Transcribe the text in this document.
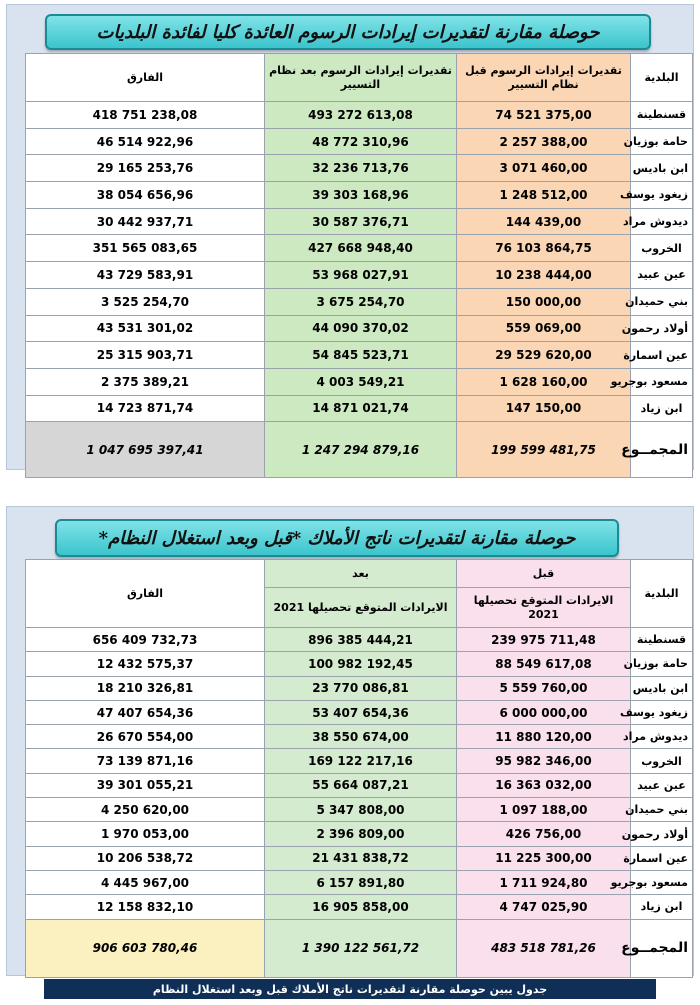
حوصلة مقارنة لتقديرات إيرادات الرسوم العائدة كليا لفائدة البلديات
البلدية	تقديرات إيرادات الرسوم قبل نظام التسيير	تقديرات إيرادات الرسوم بعد نظام التسيير	الفارق
قسنطينة	74 521 375,00	493 272 613,08	418 751 238,08
حامة بوزيان	2 257 388,00	48 772 310,96	46 514 922,96
ابن باديس	3 071 460,00	32 236 713,76	29 165 253,76
زيغود يوسف	1 248 512,00	39 303 168,96	38 054 656,96
ديدوش مراد	144 439,00	30 587 376,71	30 442 937,71
الخروب	76 103 864,75	427 668 948,40	351 565 083,65
عين عبيد	10 238 444,00	53 968 027,91	43 729 583,91
بني حميدان	150 000,00	3 675 254,70	3 525 254,70
أولاد رحمون	559 069,00	44 090 370,02	43 531 301,02
عين اسمارة	29 529 620,00	54 845 523,71	25 315 903,71
مسعود بوجريو	1 628 160,00	4 003 549,21	2 375 389,21
ابن زياد	147 150,00	14 871 021,74	14 723 871,74
المجمــوع	199 599 481,75	1 247 294 879,16	1 047 695 397,41
حوصلة مقارنة لتقديرات ناتج الأملاك *قبل وبعد استغلال النظام*
البلدية	قبل	بعد	الفارق
	الايرادات المتوقع تحصيلها 2021	الايرادات المتوقع تحصيلها 2021	
قسنطينة	239 975 711,48	896 385 444,21	656 409 732,73
حامة بوزيان	88 549 617,08	100 982 192,45	12 432 575,37
ابن باديس	5 559 760,00	23 770 086,81	18 210 326,81
زيغود يوسف	6 000 000,00	53 407 654,36	47 407 654,36
ديدوش مراد	11 880 120,00	38 550 674,00	26 670 554,00
الخروب	95 982 346,00	169 122 217,16	73 139 871,16
عين عبيد	16 363 032,00	55 664 087,21	39 301 055,21
بني حميدان	1 097 188,00	5 347 808,00	4 250 620,00
أولاد رحمون	426 756,00	2 396 809,00	1 970 053,00
عين اسمارة	11 225 300,00	21 431 838,72	10 206 538,72
مسعود بوجريو	1 711 924,80	6 157 891,80	4 445 967,00
ابن زياد	4 747 025,90	16 905 858,00	12 158 832,10
المجمــوع	483 518 781,26	1 390 122 561,72	906 603 780,46
جدول يبين حوصلة مقارنة لتقديرات ناتج الأملاك قبل وبعد استغلال النظام
